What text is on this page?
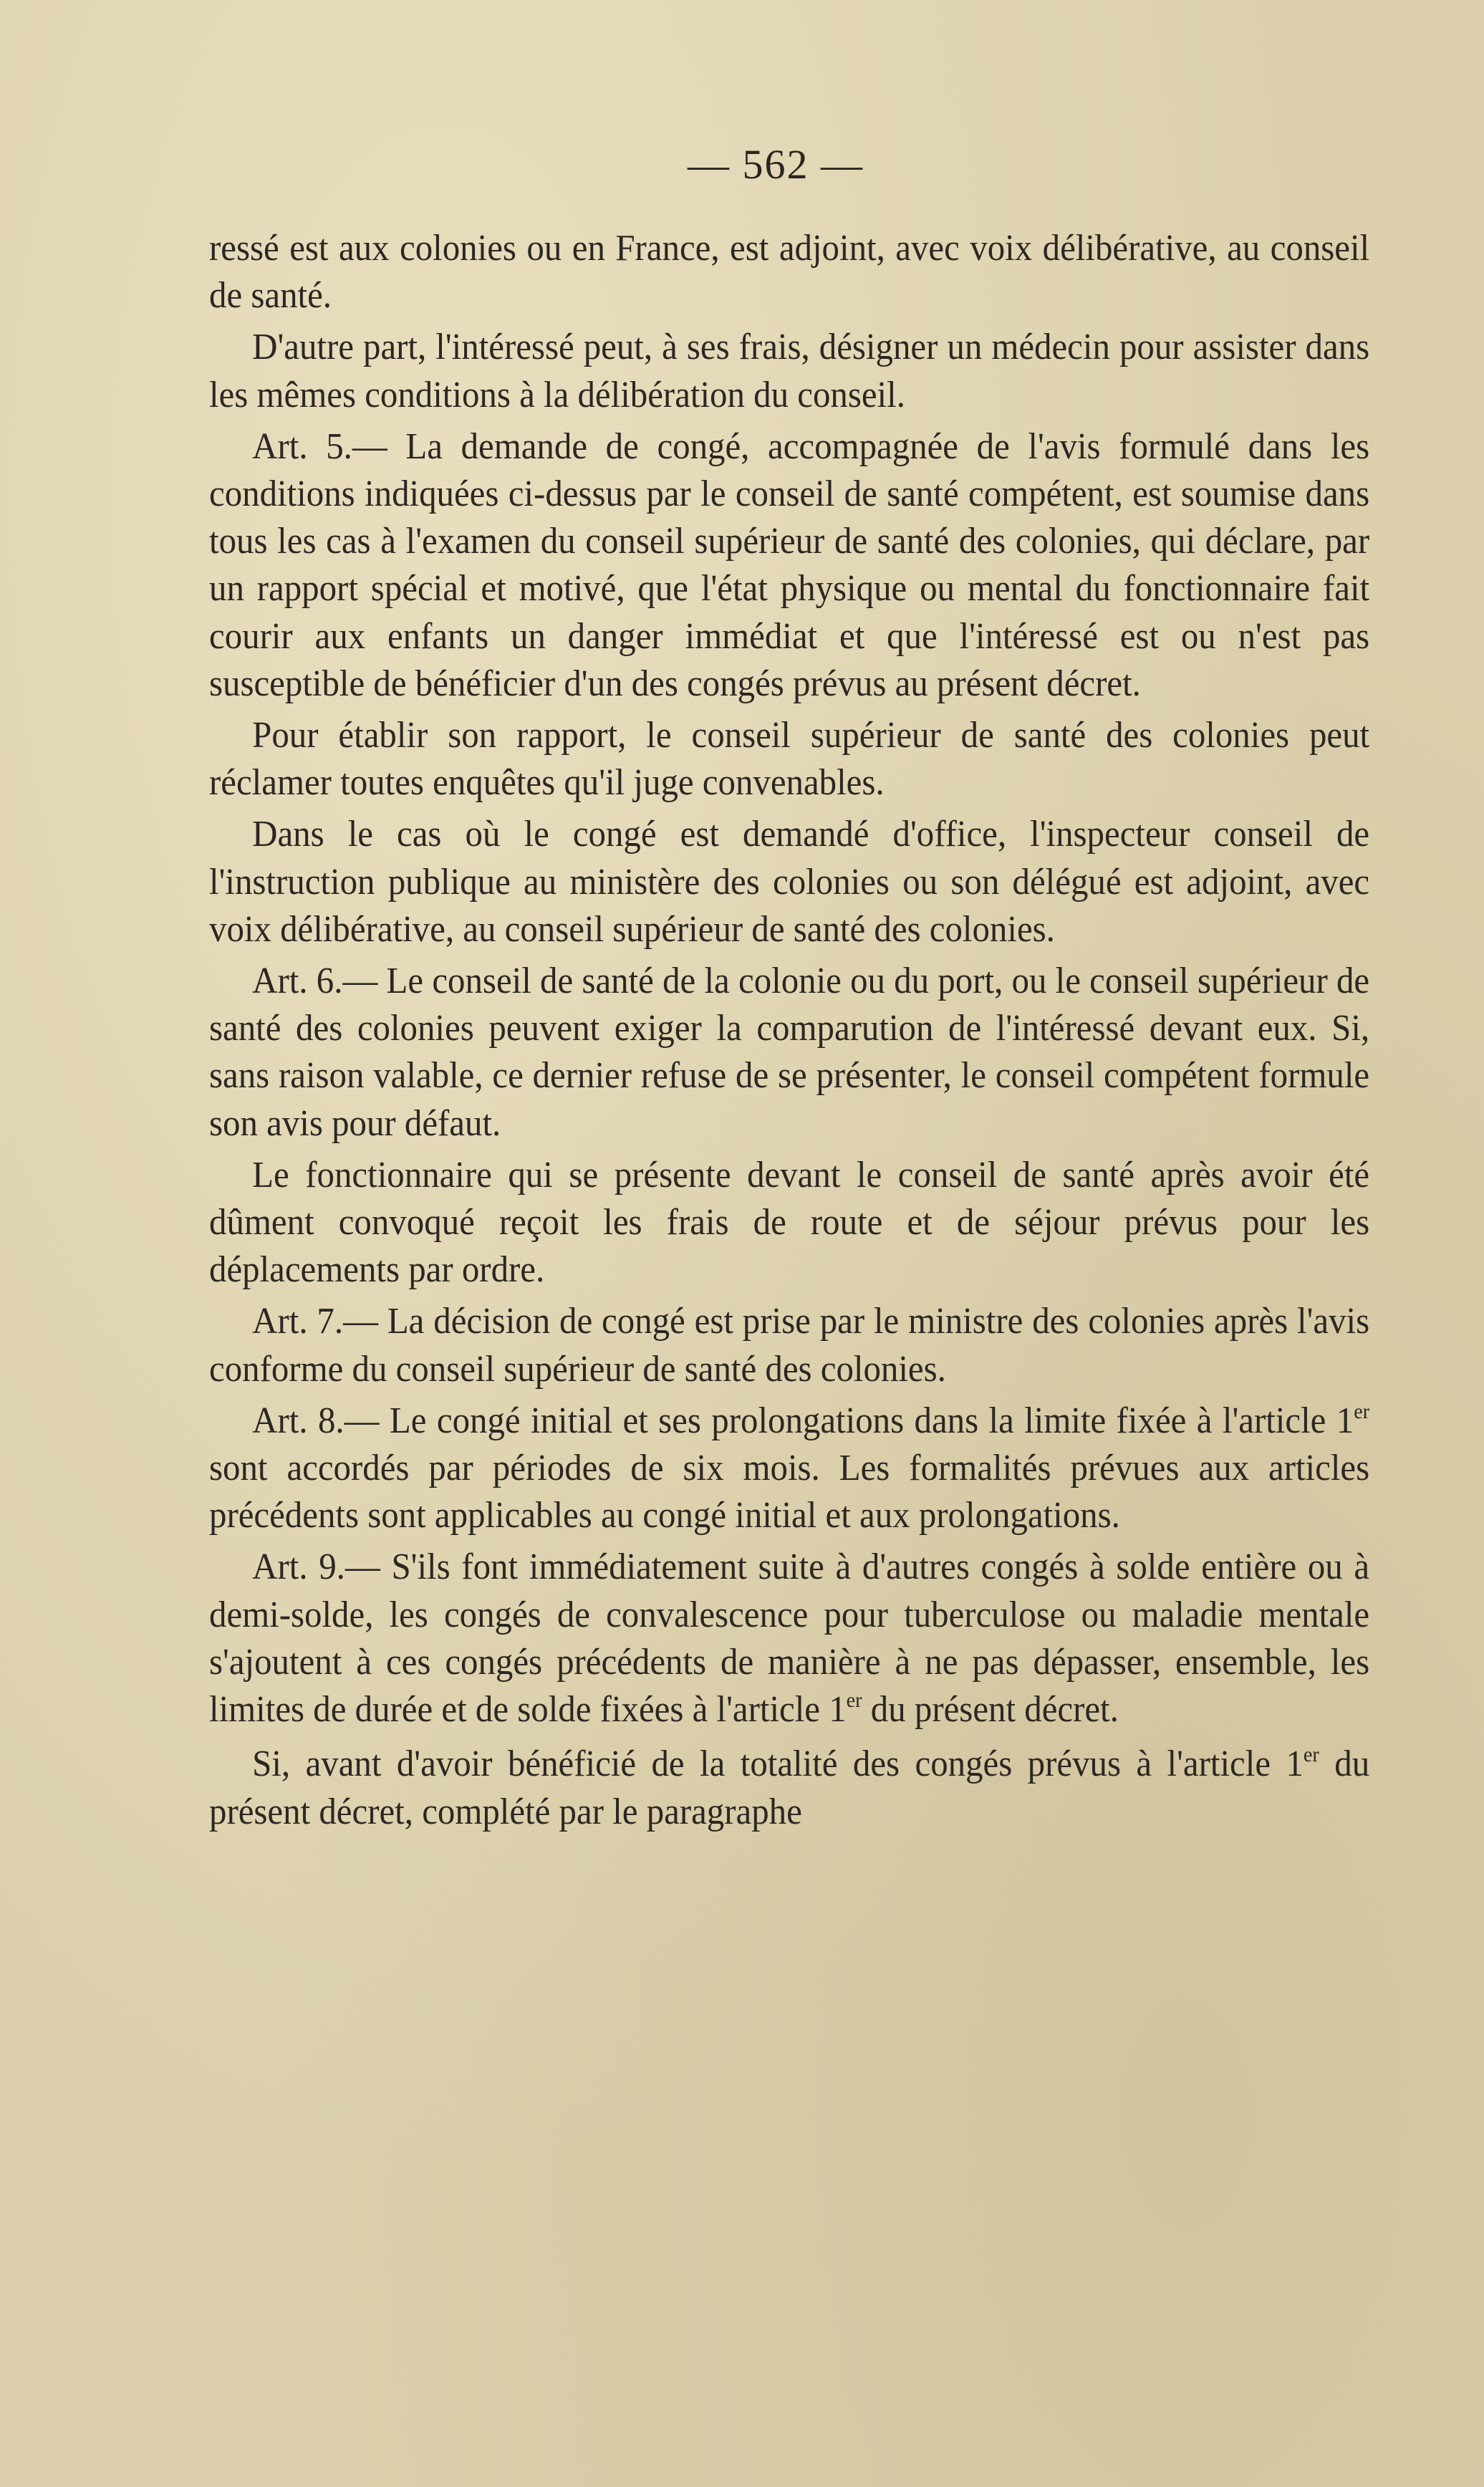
— 562 —

ressé est aux colonies ou en France, est adjoint, avec voix délibérative, au conseil de santé.

D'autre part, l'intéressé peut, à ses frais, désigner un médecin pour assister dans les mêmes conditions à la délibération du conseil.

Art. 5.— La demande de congé, accompagnée de l'avis formulé dans les conditions indiquées ci-dessus par le conseil de santé compétent, est soumise dans tous les cas à l'examen du conseil supérieur de santé des colonies, qui déclare, par un rapport spécial et motivé, que l'état physique ou mental du fonctionnaire fait courir aux enfants un danger immédiat et que l'intéressé est ou n'est pas susceptible de bénéficier d'un des congés prévus au présent décret.

Pour établir son rapport, le conseil supérieur de santé des colonies peut réclamer toutes enquêtes qu'il juge convenables.

Dans le cas où le congé est demandé d'office, l'inspecteur conseil de l'instruction publique au ministère des colonies ou son délégué est adjoint, avec voix délibérative, au conseil supérieur de santé des colonies.

Art. 6.— Le conseil de santé de la colonie ou du port, ou le conseil supérieur de santé des colonies peuvent exiger la comparution de l'intéressé devant eux. Si, sans raison valable, ce dernier refuse de se présenter, le conseil compétent formule son avis pour défaut.

Le fonctionnaire qui se présente devant le conseil de santé après avoir été dûment convoqué reçoit les frais de route et de séjour prévus pour les déplacements par ordre.

Art. 7.— La décision de congé est prise par le ministre des colonies après l'avis conforme du conseil supérieur de santé des colonies.

Art. 8.— Le congé initial et ses prolongations dans la limite fixée à l'article 1er sont accordés par périodes de six mois. Les formalités prévues aux articles précédents sont applicables au congé initial et aux prolongations.

Art. 9.— S'ils font immédiatement suite à d'autres congés à solde entière ou à demi-solde, les congés de convalescence pour tuberculose ou maladie mentale s'ajoutent à ces congés précédents de manière à ne pas dépasser, ensemble, les limites de durée et de solde fixées à l'article 1er du présent décret.

Si, avant d'avoir bénéficié de la totalité des congés prévus à l'article 1er du présent décret, complété par le paragraphe
